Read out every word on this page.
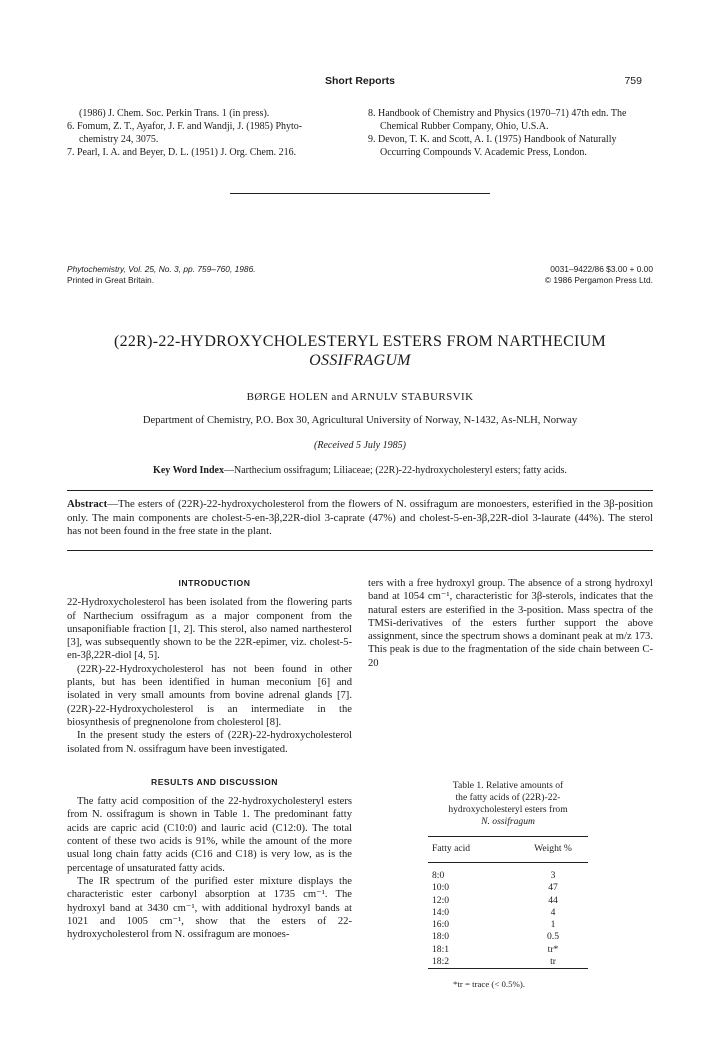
Short Reports	759
(1986) J. Chem. Soc. Perkin Trans. 1 (in press).
6. Fomum, Z. T., Ayafor, J. F. and Wandji, J. (1985) Phyto-
chemistry 24, 3075.
7. Pearl, I. A. and Beyer, D. L. (1951) J. Org. Chem. 216.
8. Handbook of Chemistry and Physics (1970–71) 47th edn. The
Chemical Rubber Company, Ohio, U.S.A.
9. Devon, T. K. and Scott, A. I. (1975) Handbook of Naturally
Occurring Compounds V. Academic Press, London.
Phytochemistry, Vol. 25, No. 3, pp. 759–760, 1986.
Printed in Great Britain.
0031–9422/86 $3.00 + 0.00
© 1986 Pergamon Press Ltd.
(22R)-22-HYDROXYCHOLESTERYL ESTERS FROM NARTHECIUM
OSSIFRAGUM
BØRGE HOLEN and ARNULV STABURSVIK
Department of Chemistry, P.O. Box 30, Agricultural University of Norway, N-1432, As-NLH, Norway
(Received 5 July 1985)
Key Word Index—Narthecium ossifragum; Liliaceae; (22R)-22-hydroxycholesteryl esters; fatty acids.
Abstract—The esters of (22R)-22-hydroxycholesterol from the flowers of N. ossifragum are monoesters, esterified in the 3β-position only. The main components are cholest-5-en-3β,22R-diol 3-caprate (47%) and cholest-5-en-3β,22R-diol 3-laurate (44%). The sterol has not been found in the free state in the plant.

INTRODUCTION

22-Hydroxycholesterol has been isolated from the flowering parts of Narthecium ossifragum as a major component from the unsaponifiable fraction [1, 2]. This sterol, also named narthesterol [3], was subsequently shown to be the 22R-epimer, viz. cholest-5-en-3β,22R-diol [4, 5].

(22R)-22-Hydroxycholesterol has not been found in other plants, but has been identified in human meconium [6] and isolated in very small amounts from bovine adrenal glands [7]. (22R)-22-Hydroxycholesterol is an intermediate in the biosynthesis of pregnenolone from cholesterol [8].

In the present study the esters of (22R)-22-hydroxycholesterol isolated from N. ossifragum have been investigated.

RESULTS AND DISCUSSION

The fatty acid composition of the 22-hydroxycholesteryl esters from N. ossifragum is shown in Table 1. The predominant fatty acids are capric acid (C10:0) and lauric acid (C12:0). The total content of these two acids is 91%, while the amount of the more usual long chain fatty acids (C16 and C18) is very low, as is the percentage of unsaturated fatty acids.

The IR spectrum of the purified ester mixture displays the characteristic ester carbonyl absorption at 1735 cm⁻¹. The hydroxyl band at 3430 cm⁻¹, with additional hydroxyl bands at 1021 and 1005 cm⁻¹, show that the esters of 22-hydroxycholesterol from N. ossifragum are monoes-

ters with a free hydroxyl group. The absence of a strong hydroxyl band at 1054 cm⁻¹, characteristic for 3β-sterols, indicates that the natural esters are esterified in the 3-position. Mass spectra of the TMSi-derivatives of the esters further support the above assignment, since the spectrum shows a dominant peak at m/z 173. This peak is due to the fragmentation of the side chain between C-20

Table 1. Relative amounts of
the fatty acids of (22R)-22-
hydroxycholesteryl esters from
N. ossifragum
Fatty acid	Weight %
8:0	3
10:0	47
12:0	44
14:0	4
16:0	1
18:0	0.5
18:1	tr*
18:2	tr
*tr = trace (< 0.5%).
